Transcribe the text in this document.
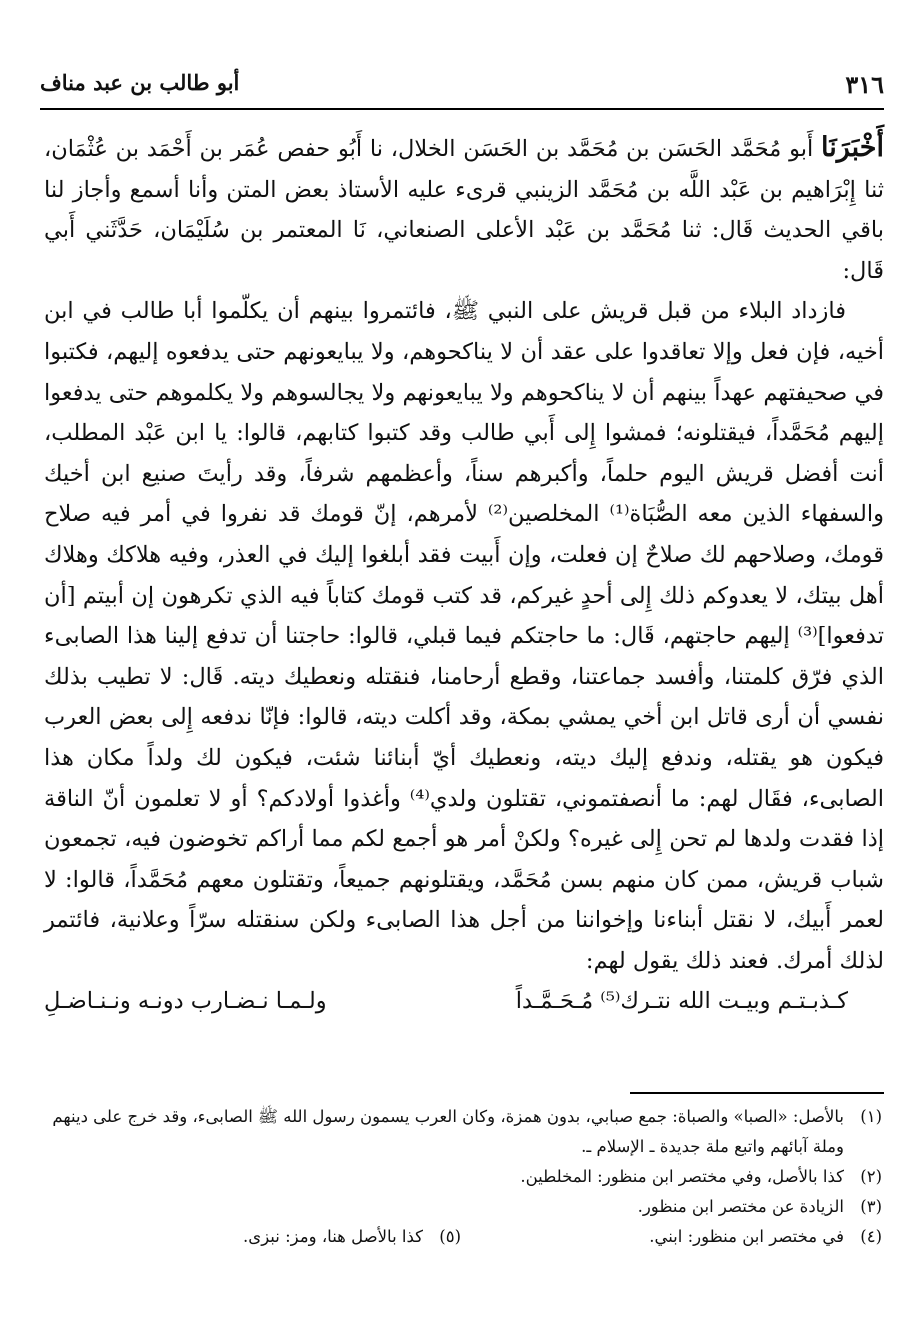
٣١٦
أبو طالب بن عبد مناف

أَخْبَرَنَا أَبو مُحَمَّد الحَسَن بن مُحَمَّد بن الحَسَن الخلال، نا أَبُو حفص عُمَر بن أَحْمَد بن عُثْمَان، ثنا إِبْرَاهيم بن عَبْد اللَّه بن مُحَمَّد الزينبي قرىء عليه الأستاذ بعض المتن وأنا أسمع وأجاز لنا باقي الحديث قَال: ثنا مُحَمَّد بن عَبْد الأعلى الصنعاني، نَا المعتمر بن سُلَيْمَان، حَدَّثَني أَبي قَال:

فازداد البلاء من قبل قريش على النبي ﷺ، فائتمروا بينهم أن يكلّموا أبا طالب في ابن أخيه، فإن فعل وإلا تعاقدوا على عقد أن لا يناكحوهم، ولا يبايعونهم حتى يدفعوه إليهم، فكتبوا في صحيفتهم عهداً بينهم أن لا يناكحوهم ولا يبايعونهم ولا يجالسوهم ولا يكلموهم حتى يدفعوا إليهم مُحَمَّداً، فيقتلونه؛ فمشوا إِلى أَبي طالب وقد كتبوا كتابهم، قالوا: يا ابن عَبْد المطلب، أنت أفضل قريش اليوم حلماً، وأكبرهم سناً، وأعظمهم شرفاً، وقد رأيتَ صنيع ابن أخيك والسفهاء الذين معه الصُّبَاة⁽¹⁾ المخلصين⁽²⁾ لأمرهم، إنّ قومك قد نفروا في أمر فيه صلاح قومك، وصلاحهم لك صلاحٌ إن فعلت، وإن أَبيت فقد أبلغوا إليك في العذر، وفيه هلاكك وهلاك أهل بيتك، لا يعدوكم ذلك إِلى أحدٍ غيركم، قد كتب قومك كتاباً فيه الذي تكرهون إن أبيتم [أن تدفعوا]⁽³⁾ إليهم حاجتهم، قَال: ما حاجتكم فيما قبلي، قالوا: حاجتنا أن تدفع إلينا هذا الصابىء الذي فرّق كلمتنا، وأفسد جماعتنا، وقطع أرحامنا، فنقتله ونعطيك ديته. قَال: لا تطيب بذلك نفسي أن أرى قاتل ابن أخي يمشي بمكة، وقد أكلت ديته، قالوا: فإنّا ندفعه إِلى بعض العرب فيكون هو يقتله، وندفع إليك ديته، ونعطيك أيّ أبنائنا شئت، فيكون لك ولداً مكان هذا الصابىء، فقَال لهم: ما أنصفتموني، تقتلون ولدي⁽⁴⁾ وأغذوا أولادكم؟ أو لا تعلمون أنّ الناقة إذا فقدت ولدها لم تحن إِلى غيره؟ ولكنْ أمر هو أجمع لكم مما أراكم تخوضون فيه، تجمعون شباب قريش، ممن كان منهم بسن مُحَمَّد، ويقتلونهم جميعاً، وتقتلون معهم مُحَمَّداً، قالوا: لا لعمر أَبيك، لا نقتل أبناءنا وإخواننا من أجل هذا الصابىء ولكن سنقتله سرّاً وعلانية، فائتمر لذلك أمرك. فعند ذلك يقول لهم:

كـذبـتـم وبيـت الله نتـرك⁽⁵⁾ مُـحَـمَّـداً
ولـمـا نـضـارب دونـه ونـنـاضـلِ
(١)
بالأصل: «الصبا» والصباة: جمع صبابي، بدون همزة، وكان العرب يسمون رسول الله ﷺ الصابىء، وقد خرج على دينهم وملة آبائهم واتبع ملة جديدة ـ الإسلام ـ.
(٢)
كذا بالأصل، وفي مختصر ابن منظور: المخلطين.
(٣)
الزيادة عن مختصر ابن منظور.
(٤)
في مختصر ابن منظور: ابني.
(٥)
كذا بالأصل هنا، ومز: نبزى.
